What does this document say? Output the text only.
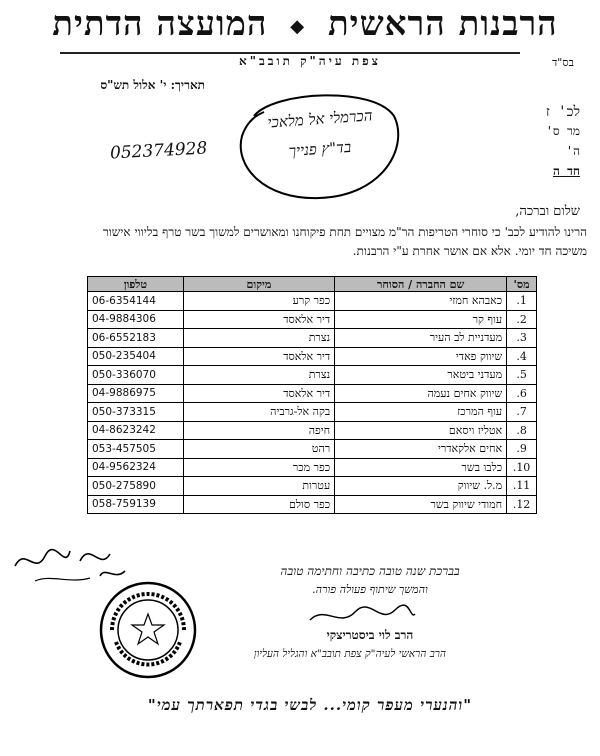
הרבנות הראשית ◆ המועצה הדתית
צפת עיה"ק תובב"א	בס"ד
תאריך: י' אלול תש"ס
לכ' ז
מר ס'
ה'
חד ה
052374928
הכרמלי אל מלאכי
בד"ץ פנייך
שלום וברכה,
הרינו להודיע לכב' כי סוחרי הטריפות הר"מ מצויים תחת פיקוחנו ומאושרים למשוך בשר טרף בליווי אישור משיכה חד יומי. אלא אם אושר אחרת ע"י הרבנות.
מס'	שם החברה / הסוחר	מיקום	טלפון
1.	כאבהא חמזי	כפר קרע	06-6354144
2.	עוף קר	דיר אלאסד	04-9884306
3.	מעדניית לב העיר	נצרת	06-6552183
4.	שיווק פאדי	דיר אלאסד	050-235404
5.	מעדני ביטאר	נצרת	050-336070
6.	שיווק אחים נעמה	דיר אלאסד	04-9886975
7.	עוף המרכז	בקה אל-גרביה	050-373315
8.	אטליז ויסאם	חיפה	04-8623242
9.	אחים אלקאדרי	רהט	053-457505
10.	כלבו בשר	כפר מכר	04-9562324
11.	מ.ל. שיווק	עטרות	050-275890
12.	חמודי שיווק בשר	כפר סולם	058-759139
בברכת שנה טובה כתיבה וחתימה טובה
והמשך שיתוף פעולה פורה.
הרב לוי ביסטריצקי
הרב הראשי לעיה"ק צפת תובב"א והגליל העליון
"והנערי מעפר קומי... לבשי בגדי תפארתך עמי"
